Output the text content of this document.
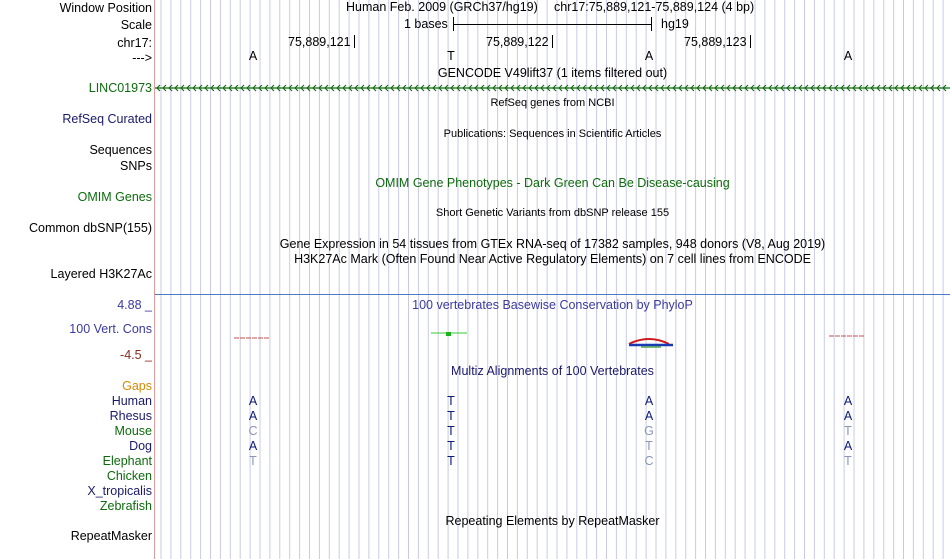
Window Position	Human Feb. 2009 (GRCh37/hg19) chr17:75,889,121-75,889,124 (4 bp)
Scale	1 bases	hg19
chr17:	75,889,121	75,889,122	75,889,123
--->	A	T	A	A
GENCODE V49lift37 (1 items filtered out)
LINC01973
RefSeq genes from NCBI
RefSeq Curated
Publications: Sequences in Scientific Articles
Sequences
SNPs
OMIM Gene Phenotypes - Dark Green Can Be Disease-causing
OMIM Genes
Short Genetic Variants from dbSNP release 155
Common dbSNP(155)
Gene Expression in 54 tissues from GTEx RNA-seq of 17382 samples, 948 donors (V8, Aug 2019)
H3K27Ac Mark (Often Found Near Active Regulatory Elements) on 7 cell lines from ENCODE
Layered H3K27Ac
4.88 _	100 vertebrates Basewise Conservation by PhyloP
100 Vert. Cons
-4.5 _
Multiz Alignments of 100 Vertebrates
Gaps
Human	A	T	A	A
Rhesus	A	T	A	A
Mouse	C	T	G	T
Dog	A	T	T	A
Elephant	T	T	C	T
Chicken
X_tropicalis
Zebrafish
Repeating Elements by RepeatMasker
RepeatMasker
